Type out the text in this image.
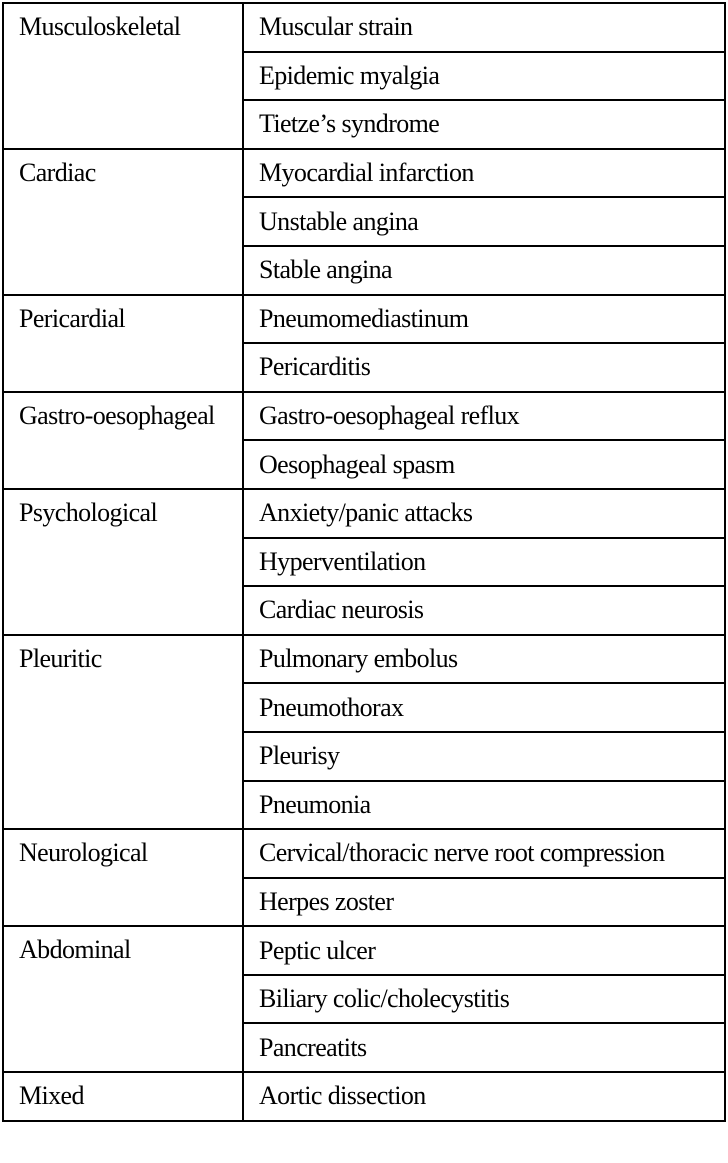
Musculoskeletal	Muscular strain
	Epidemic myalgia
	Tietze’s syndrome
Cardiac	Myocardial infarction
	Unstable angina
	Stable angina
Pericardial	Pneumomediastinum
	Pericarditis
Gastro-oesophageal	Gastro-oesophageal reflux
	Oesophageal spasm
Psychological	Anxiety/panic attacks
	Hyperventilation
	Cardiac neurosis
Pleuritic	Pulmonary embolus
	Pneumothorax
	Pleurisy
	Pneumonia
Neurological	Cervical/thoracic nerve root compression
	Herpes zoster
Abdominal	Peptic ulcer
	Biliary colic/cholecystitis
	Pancreatits
Mixed	Aortic dissection
